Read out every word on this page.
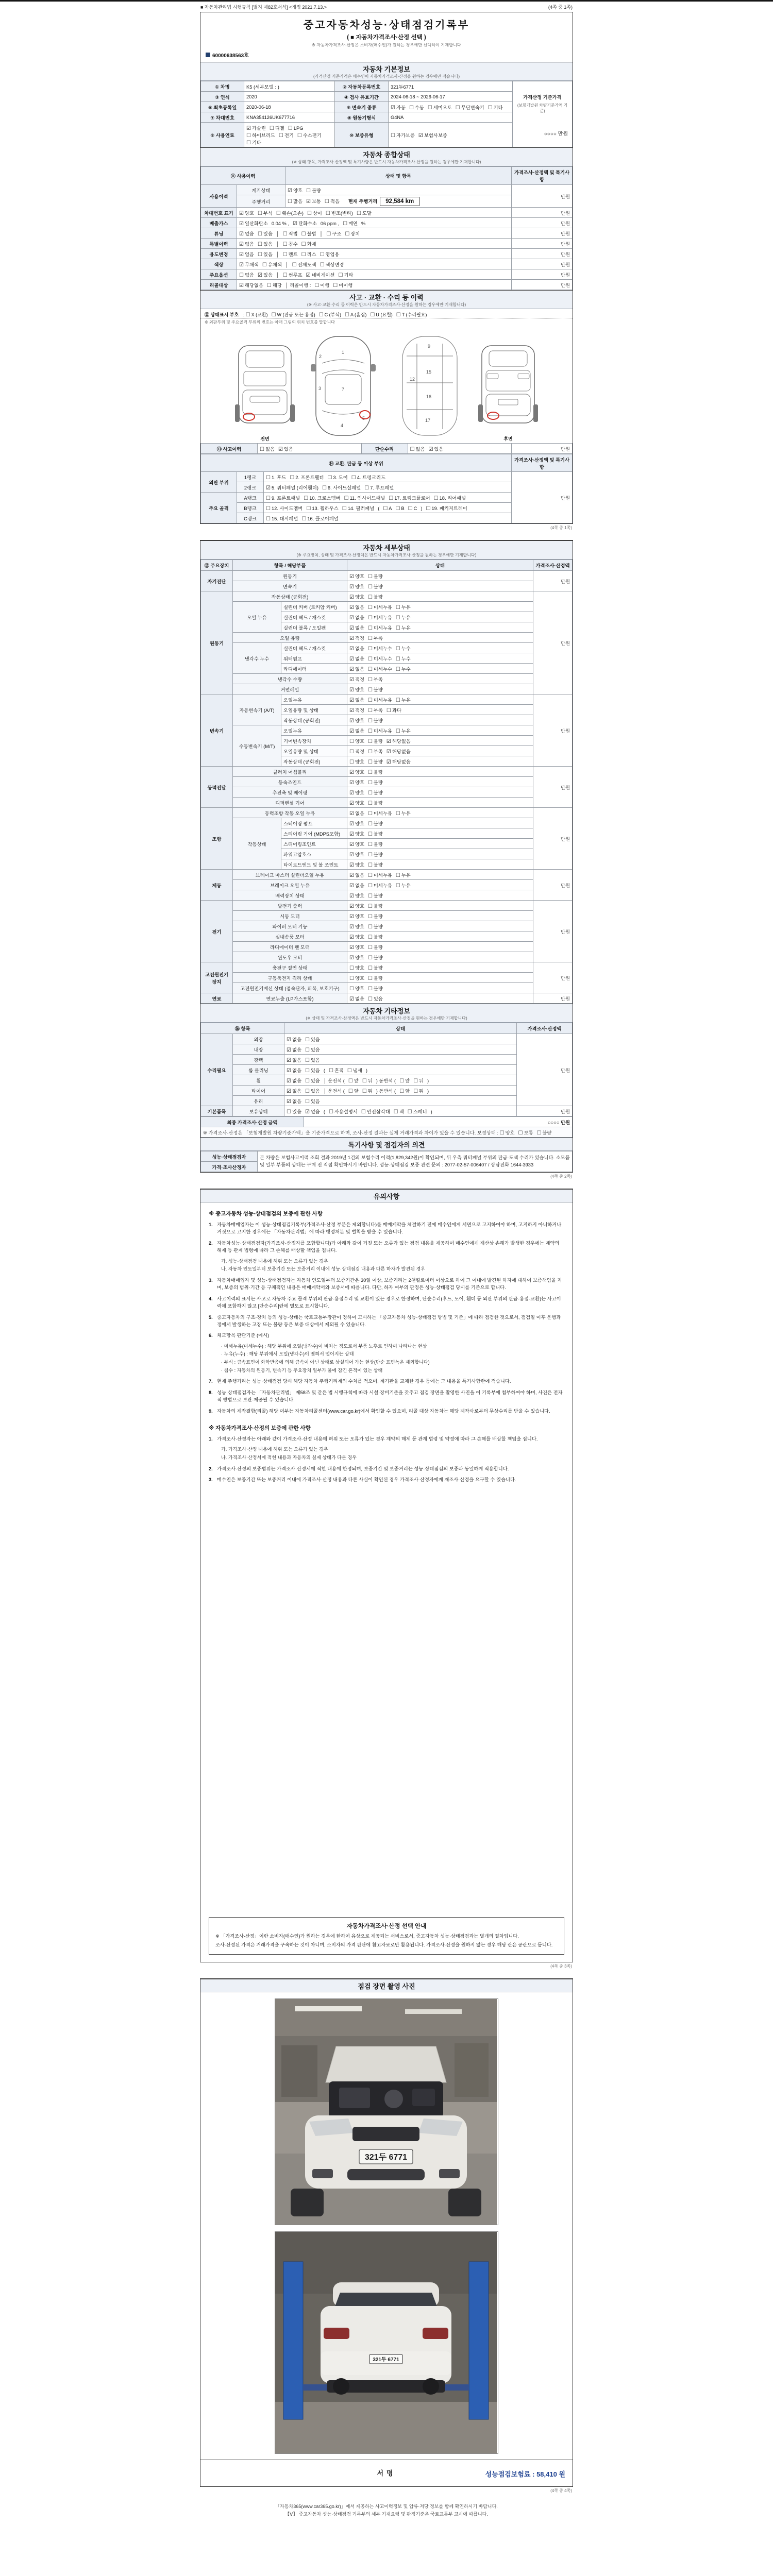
■ 자동차관리법 시행규칙 [별지 제82호서식] <개정 2021.7.13.>	(4쪽 중 1쪽)
중고자동차성능·상태점검기록부
( ■ 자동차가격조사·산정 선택 )
※ 자동차가격조사·산정은 소비자(매수인)가 원하는 경우에만 선택하여 기재합니다
60000638563호
자동차 기본정보
(가격산정 기준가격은 매수인이 자동차가격조사·산정을 원하는 경우에만 적습니다)
① 차명	K5 (세부모델 : )	② 자동차등록번호	321두6771	가격산정 기준가격
(보험개발원 차량기준가액 기준)
○○○○ 만원

③ 연식	2020	④ 검사 유효기간	2024-06-18 ~ 2026-06-17	
⑤ 최초등록일	2020-06-18	⑥ 변속기 종류	☑ 자동 ☐ 수동 ☐ 세미오토 ☐ 무단변속기 ☐ 기타	
⑦ 차대번호	KNA354126UK677716	⑧ 원동기형식	G4NA	
⑨ 사용연료	☑ 가솔린 ☐ 디젤 ☐ LPG☐ 하이브리드 ☐ 전기 ☐ 수소전기☐ 기타	⑩ 보증유형	☐ 자가보증 ☑ 보험사보증	
자동차 종합상태
(※ 상태·항목, 가격조사·산정액 및 특기사항은 반드시 자동차가격조사·산정을 원하는 경우에만 기재합니다)
⑪ 사용이력		상태 및 항목	가격조사·산정액 및 특기사항
사용이력	계기상태	☑ 양호 ☐ 불량	만원
	주행거리	☐ 많음 ☑ 보통 ☐ 적음 현재 주행거리 92,584 km	
차대번호 표기	☑ 양호 ☐ 부식 ☐ 훼손(오손) ☐ 상이 ☐ 변조(변타) ☐ 도말		만원
배출가스	☑ 일산화탄소 0.04 % , ☑ 탄화수소 06 ppm , ☐ 매연 %		만원
튜닝	☑ 없음 ☐ 있음 │ ☐ 적법 ☐ 불법 │ ☐ 구조 ☐ 장치		만원
특별이력	☑ 없음 ☐ 있음 │ ☐ 침수 ☐ 화재		만원
용도변경	☑ 없음 ☐ 있음 │ ☐ 렌트 ☐ 리스 ☐ 영업용		만원
색상	☑ 무채색 ☐ 유채색 │ ☐ 전체도색 ☐ 색상변경		만원
주요옵션	☐ 없음 ☑ 있음 │ ☐ 썬루프 ☑ 네비게이션 ☐ 기타		만원
리콜대상	☑ 해당없음 ☐ 해당 │ 리콜이행 : ☐ 이행 ☐ 미이행		만원
사고 · 교환 · 수리 등 이력
(※ 사고·교환·수리 등 이력은 반드시 자동차가격조사·산정을 원하는 경우에만 기재합니다)
⑫ 상태표시 부호 : ☐ X (교환) ☐ W (판금 또는 용접) ☐ C (부식) ☐ A (흠집) ☐ U (요철) ☐ T (수리필요)
※ 외판부위 및 주요골격 부위의 번호는 아래 그림의 위치 번호를 말합니다
전면
1
2
3	7
4
5
9
12
15
16
17
후면
⑬ 사고이력	☐ 없음 ☑ 있음	단순수리	☐ 없음 ☑ 있음	만원
⑭ 교환, 판금 등 이상 부위			가격조사·산정액 및 특기사항
외판 부위	1랭크	☐ 1. 후드 ☐ 2. 프론트휀더 ☐ 3. 도어 ☐ 4. 트렁크리드	만원
	2랭크	☑ 5. 쿼터패널 (리어휀더) ☐ 6. 사이드실패널 ☐ 7. 루프패널	
주요 골격	A랭크	☐ 9. 프론트패널 ☐ 10. 크로스멤버 ☐ 11. 인사이드패널 ☐ 17. 트렁크플로어 ☐ 18. 리어패널	
	B랭크	☐ 12. 사이드멤버 ☐ 13. 휠하우스 ☐ 14. 필러패널 ( ☐ A ☐ B ☐ C ) ☐ 19. 패키지트레이	
	C랭크	☐ 15. 대시패널 ☐ 16. 플로어패널	
(4쪽 중 1쪽)
자동차 세부상태
(※ 주요장치, 상태 및 가격조사·산정액은 반드시 자동차가격조사·산정을 원하는 경우에만 기재합니다)
⑮ 주요장치	항목 / 해당부품		상태	가격조사·산정액
자기진단	원동기		☑ 양호 ☐ 불량	만원
	변속기		☑ 양호 ☐ 불량	
원동기	작동상태 (공회전)		☑ 양호 ☐ 불량	만원
	오일 누유	실린더 커버 (로커암 커버)	☑ 없음 ☐ 미세누유 ☐ 누유	
		실린더 헤드 / 개스킷	☑ 없음 ☐ 미세누유 ☐ 누유	
		실린더 블록 / 오일팬	☑ 없음 ☐ 미세누유 ☐ 누유	
	오일 유량		☑ 적정 ☐ 부족	
	냉각수 누수	실린더 헤드 / 개스킷	☑ 없음 ☐ 미세누수 ☐ 누수	
		워터펌프	☑ 없음 ☐ 미세누수 ☐ 누수	
		라디에이터	☑ 없음 ☐ 미세누수 ☐ 누수	
	냉각수 수량		☑ 적정 ☐ 부족	
	커먼레일		☑ 양호 ☐ 불량	
변속기	자동변속기 (A/T)	오일누유	☑ 없음 ☐ 미세누유 ☐ 누유	만원
		오일유량 및 상태	☑ 적정 ☐ 부족 ☐ 과다	
		작동상태 (공회전)	☑ 양호 ☐ 불량	
	수동변속기 (M/T)	오일누유	☑ 없음 ☐ 미세누유 ☐ 누유	
		기어변속장치	☐ 양호 ☐ 불량 ☑ 해당없음	
		오일유량 및 상태	☐ 적정 ☐ 부족 ☑ 해당없음	
		작동상태 (공회전)	☐ 양호 ☐ 불량 ☑ 해당없음	
동력전달	클러치 어셈블리		☑ 양호 ☐ 불량	만원
	등속조인트		☑ 양호 ☐ 불량	
	추진축 및 베어링		☑ 양호 ☐ 불량	
	디퍼렌셜 기어		☑ 양호 ☐ 불량	
조향	동력조향 작동 오일 누유		☑ 없음 ☐ 미세누유 ☐ 누유	만원
	작동상태	스티어링 펌프	☑ 양호 ☐ 불량	
		스티어링 기어 (MDPS포함)	☑ 양호 ☐ 불량	
		스티어링조인트	☑ 양호 ☐ 불량	
		파워고압호스	☑ 양호 ☐ 불량	
		타이로드엔드 및 볼 조인트	☑ 양호 ☐ 불량	
제동	브레이크 마스터 실린더오일 누유		☑ 없음 ☐ 미세누유 ☐ 누유	만원
	브레이크 오일 누유		☑ 없음 ☐ 미세누유 ☐ 누유	
	배력장치 상태		☑ 양호 ☐ 불량	
전기	발전기 출력		☑ 양호 ☐ 불량	만원
	시동 모터		☑ 양호 ☐ 불량	
	와이퍼 모터 기능		☑ 양호 ☐ 불량	
	실내송풍 모터		☑ 양호 ☐ 불량	
	라디에이터 팬 모터		☑ 양호 ☐ 불량	
	윈도우 모터		☑ 양호 ☐ 불량	
고전원전기장치	충전구 절연 상태		☐ 양호 ☐ 불량	만원
	구동축전지 격리 상태		☐ 양호 ☐ 불량	
	고전원전기배선 상태 (접속단자, 피복, 보호기구)		☐ 양호 ☐ 불량	
연료	연료누출 (LP가스포함)		☑ 없음 ☐ 있음	만원
자동차 기타정보
(※ 상태 및 가격조사·산정액은 반드시 자동차가격조사·산정을 원하는 경우에만 기재합니다)
⑯ 항목		상태	가격조사·산정액
수리필요	외장	☑ 없음 ☐ 있음	만원
	내장	☑ 없음 ☐ 있음	
	광택	☑ 없음 ☐ 있음	
	룸 클리닝	☑ 없음 ☐ 있음 ( ☐ 흔적 ☐ 냄새 )	
	휠	☑ 없음 ☐ 있음 │ 운전석 ( ☐ 앞 ☐ 뒤 ) 동반석 ( ☐ 앞 ☐ 뒤 )	
	타이어	☑ 없음 ☐ 있음 │ 운전석 ( ☐ 앞 ☐ 뒤 ) 동반석 ( ☐ 앞 ☐ 뒤 )	
	유리	☑ 없음 ☐ 있음	
기본품목	보유상태	☐ 있음 ☑ 없음 ( ☐ 사용설명서 ☐ 안전삼각대 ☐ 잭 ☐ 스패너 )	만원
최종 가격조사·산정 금액	○○○○ 만원
※ 가격조사·산정은 「보험개발원 차량기준가액」을 기준가격으로 하며, 조사·산정 결과는 실제 거래가격과 차이가 있을 수 있습니다. 보정상태 : ☐ 양호 ☐ 보통 ☐ 불량
특기사항 및 점검자의 의견
성능·상태점검자	본 차량은 보험사고이력 조회 결과 2019년 1건의 보험수리 이력(1,829,342원)이 확인되며, 뒤 우측 쿼터패널 부위의 판금·도색 수리가 있습니다. 소모품 및 일부 부품의 상태는 구매 전 직접 확인하시기 바랍니다. 성능·상태점검 보증 관련 문의 : 2077-02-57-006407 / 상담전화 1644-3933
가격·조사산정자
(4쪽 중 2쪽)
유의사항
※ 중고자동차 성능·상태점검의 보증에 관한 사항
1. 자동차매매업자는 이 성능·상태점검기록부(가격조사·산정 부분은 제외합니다)를 매매계약을 체결하기 전에 매수인에게 서면으로 고지하여야 하며, 고지하지 아니하거나 거짓으로 고지한 경우에는 「자동차관리법」에 따라 행정처분 및 벌칙을 받을 수 있습니다.
2. 자동차성능·상태점검자(가격조사·산정자를 포함합니다)가 아래와 같이 거짓 또는 오류가 있는 점검 내용을 제공하여 매수인에게 재산상 손해가 발생한 경우에는 계약의 해제 등 관계 법령에 따라 그 손해를 배상할 책임을 집니다.
가. 성능·상태점검 내용에 허위 또는 오류가 있는 경우
나. 자동차 인도일부터 보증기간 또는 보증거리 이내에 성능·상태점검 내용과 다른 하자가 발견된 경우
3. 자동차매매업자 및 성능·상태점검자는 자동차 인도일부터 보증기간은 30일 이상, 보증거리는 2천킬로미터 이상으로 하여 그 이내에 발견된 하자에 대하여 보증책임을 지며, 보증의 범위·기간 등 구체적인 내용은 매매계약서와 보증서에 따릅니다. 다만, 하자 여부의 판정은 성능·상태점검 당시를 기준으로 합니다.
4. 사고이력의 표시는 사고로 자동차 주요 골격 부위의 판금·용접수리 및 교환이 있는 경우로 한정하며, 단순수리(후드, 도어, 휀더 등 외판 부위의 판금·용접·교환)는 사고이력에 포함하지 않고 [단순수리]란에 별도로 표시합니다.
5. 중고자동차의 구조·장치 등의 성능·상태는 국토교통부장관이 정하여 고시하는 「중고자동차 성능·상태점검 방법 및 기준」에 따라 점검한 것으로서, 점검일 이후 운행과정에서 발생하는 고장 또는 불량 등은 보증 대상에서 제외될 수 있습니다.
6. 체크항목 판단기준 (예시)
· 미세누유(미세누수) : 해당 부위에 오일(냉각수)이 비치는 정도로서 부품 노후로 인하여 나타나는 현상
· 누유(누수) : 해당 부위에서 오일(냉각수)이 맺혀서 떨어지는 상태
· 부식 : 금속표면이 화학반응에 의해 금속이 아닌 상태로 상실되어 가는 현상(단순 표면녹은 제외합니다)
· 침수 : 자동차의 원동기, 변속기 등 주요장치 일부가 물에 잠긴 흔적이 있는 상태
7. 현재 주행거리는 성능·상태점검 당시 해당 자동차 주행거리계의 수치를 적으며, 계기판을 교체한 경우 등에는 그 내용을 특기사항란에 적습니다.
8. 성능·상태점검자는 「자동차관리법」 제58조 및 같은 법 시행규칙에 따라 시설·장비기준을 갖추고 점검 장면을 촬영한 사진을 이 기록부에 첨부하여야 하며, 사진은 전자적 방법으로 보관·제공될 수 있습니다.
9. 자동차의 제작결함(리콜) 해당 여부는 자동차리콜센터(www.car.go.kr)에서 확인할 수 있으며, 리콜 대상 자동차는 해당 제작사로부터 무상수리를 받을 수 있습니다.
※ 자동차가격조사·산정의 보증에 관한 사항
1. 가격조사·산정자는 아래와 같이 가격조사·산정 내용에 허위 또는 오류가 있는 경우 계약의 해제 등 관계 법령 및 약정에 따라 그 손해를 배상할 책임을 집니다.
가. 가격조사·산정 내용에 허위 또는 오류가 있는 경우
나. 가격조사·산정서에 적힌 내용과 자동차의 실제 상태가 다른 경우
2. 가격조사·산정의 보증범위는 가격조사·산정서에 적힌 내용에 한정되며, 보증기간 및 보증거리는 성능·상태점검의 보증과 동일하게 적용합니다.
3. 매수인은 보증기간 또는 보증거리 이내에 가격조사·산정 내용과 다른 사실이 확인된 경우 가격조사·산정자에게 재조사·산정을 요구할 수 있습니다.
자동차가격조사·산정 선택 안내
※ 「가격조사·산정」이란 소비자(매수인)가 원하는 경우에 한하여 유상으로 제공되는 서비스로서, 중고자동차 성능·상태점검과는 별개의 절차입니다.
조사·산정된 가격은 거래가격을 구속하는 것이 아니며, 소비자의 가격 판단에 참고자료로만 활용됩니다. 가격조사·산정을 원하지 않는 경우 해당 란은 공란으로 둡니다.
(4쪽 중 3쪽)
점검 장면 촬영 사진
321두 6771
321두 6771
서명	성능점검보험료 : 58,410 원
(4쪽 중 4쪽)
「자동차365(www.car365.go.kr)」에서 제공하는 사고이력정보 및 압류·저당 정보를 함께 확인하시기 바랍니다.
【Ⅴ】 중고자동차 성능·상태점검 기록부의 세부 기재요령 및 판정기준은 국토교통부 고시에 따릅니다.
